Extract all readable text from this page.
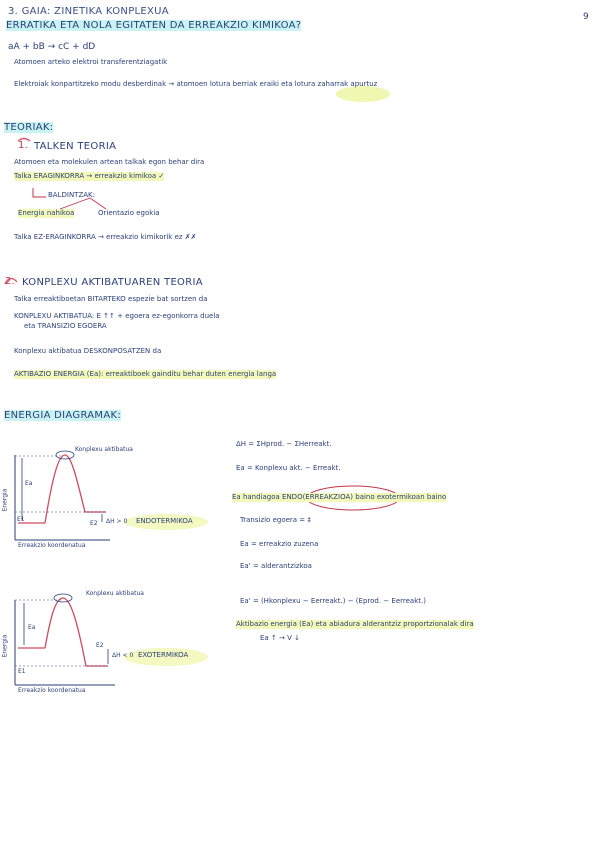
9
3. GAIA: ZINETIKA KONPLEXUA
ERRATIKA ETA NOLA EGITATEN DA ERREAKZIO KIMIKOA?
aA + bB → cC + dD
Atomoen arteko elektroi transferentziagatik
Elektroiak konpartitzeko modu desberdinak → atomoen lotura berriak eraiki eta lotura zaharrak apurtuz
TEORIAK:
1. TALKEN TEORIA
Atomoen eta molekulen artean talkak egon behar dira
Talka ERAGINKORRA → erreakzio kimikoa ✓
BALDINTZAK:
Energia nahikoa	Orientazio egokia
Talka EZ-ERAGINKORRA → erreakzio kimikorik ez ✗✗
2. KONPLEXU AKTIBATUAREN TEORIA
Talka erreaktiboetan BITARTEKO espezie bat sortzen da
KONPLEXU AKTIBATUA: E ↑↑ + egoera ez-egonkorra duela
eta TRANSIZIO EGOERA
Konplexu aktibatua DESKONPOSATZEN da
AKTIBAZIO ENERGIA (Ea): erreaktiboek gainditu behar duten energia langa
ENERGIA DIAGRAMAK:
Konplexu aktibatua
Ea
Energia
Erreakzio koordenatua
E1
E2 ΔH > 0 ENDOTERMIKOA
Konplexu aktibatua
Ea
Energia
Erreakzio koordenatua
E1
E2
ΔH < 0 EXOTERMIKOA
ΔH = ΣHprod. − ΣHerreakt.
Ea = Konplexu akt. − Erreakt.
Ea handiagoa ENDO(ERREAKZIOA) baino exotermikoan baino
Transizio egoera = ‡
Ea = erreakzio zuzena
Ea' = alderantzizkoa
Ea' = (Hkonplexu − Eerreakt.) − (Eprod. − Eerreakt.)
Aktibazio energia (Ea) eta abiadura alderantziz proportzionalak dira
Ea ↑ → V ↓
